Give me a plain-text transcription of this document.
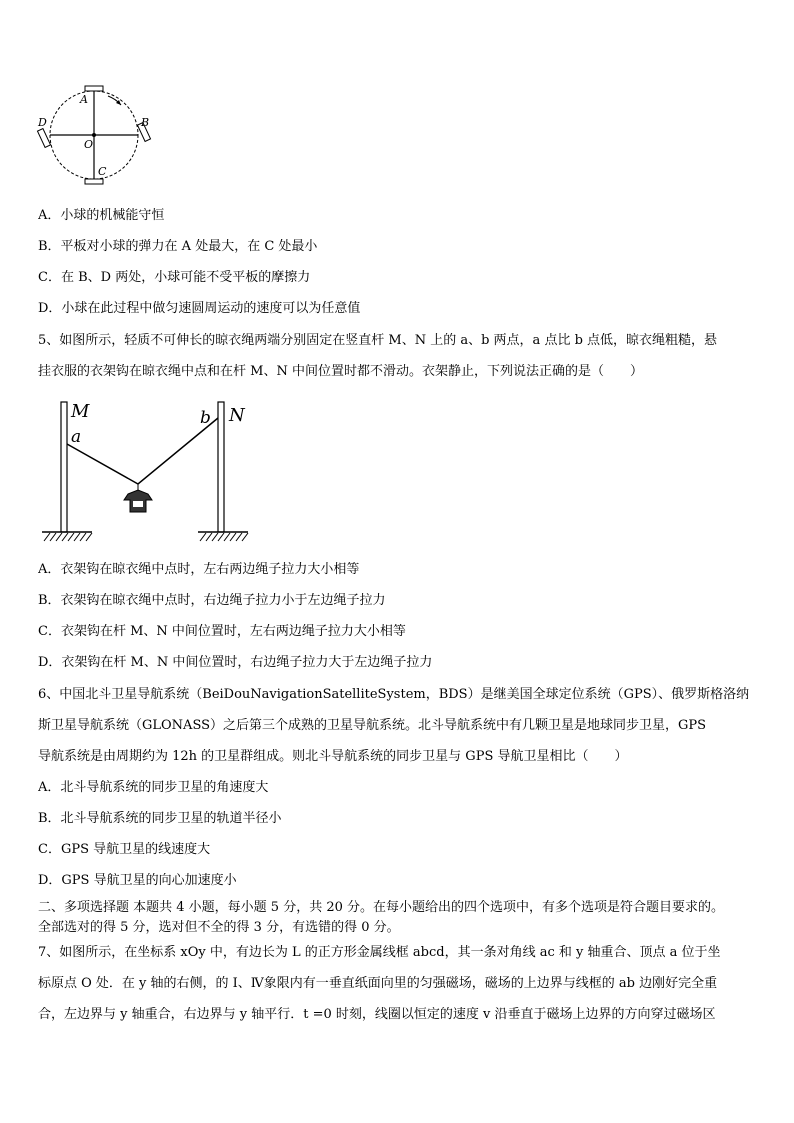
A
B
C
D
O
A．小球的机械能守恒
B．平板对小球的弹力在 A 处最大，在 C 处最小
C．在 B、D 两处，小球可能不受平板的摩擦力
D．小球在此过程中做匀速圆周运动的速度可以为任意值
5、如图所示，轻质不可伸长的晾衣绳两端分别固定在竖直杆 M、N 上的 a、b 两点，a 点比 b 点低，晾衣绳粗糙，悬
挂衣服的衣架钩在晾衣绳中点和在杆 M、N 中间位置时都不滑动。衣架静止，下列说法正确的是（　　）
M	N
a
b
A．衣架钩在晾衣绳中点时，左右两边绳子拉力大小相等
B．衣架钩在晾衣绳中点时，右边绳子拉力小于左边绳子拉力
C．衣架钩在杆 M、N 中间位置时，左右两边绳子拉力大小相等
D．衣架钩在杆 M、N 中间位置时，右边绳子拉力大于左边绳子拉力
6、中国北斗卫星导航系统（BeiDouNavigationSatelliteSystem，BDS）是继美国全球定位系统（GPS）、俄罗斯格洛纳
斯卫星导航系统（GLONASS）之后第三个成熟的卫星导航系统。北斗导航系统中有几颗卫星是地球同步卫星，GPS
导航系统是由周期约为 12h 的卫星群组成。则北斗导航系统的同步卫星与 GPS 导航卫星相比（　　）
A．北斗导航系统的同步卫星的角速度大
B．北斗导航系统的同步卫星的轨道半径小
C．GPS 导航卫星的线速度大
D．GPS 导航卫星的向心加速度小
二、多项选择题 本题共 4 小题，每小题 5 分，共 20 分。在每小题给出的四个选项中，有多个选项是符合题目要求的。
全部选对的得 5 分，选对但不全的得 3 分，有选错的得 0 分。
7、如图所示，在坐标系 xOy 中，有边长为 L 的正方形金属线框 abcd，其一条对角线 ac 和 y 轴重合、顶点 a 位于坐
标原点 O 处．在 y 轴的右侧，的 I、Ⅳ象限内有一垂直纸面向里的匀强磁场，磁场的上边界与线框的 ab 边刚好完全重
合，左边界与 y 轴重合，右边界与 y 轴平行．t =0 时刻，线圈以恒定的速度 v 沿垂直于磁场上边界的方向穿过磁场区
